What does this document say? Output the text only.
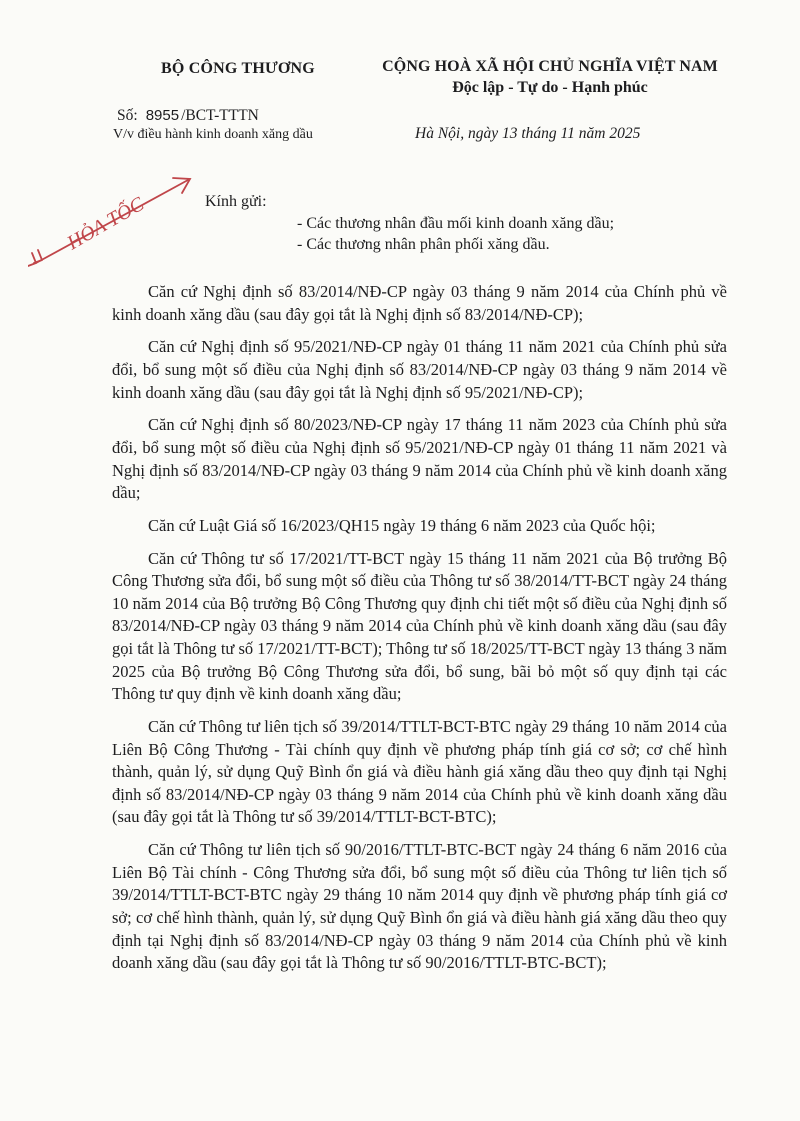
BỘ CÔNG THƯƠNG
Số: 8955 /BCT-TTTN
V/v điều hành kinh doanh xăng dầu
CỘNG HOÀ XÃ HỘI CHỦ NGHĨA VIỆT NAM
Độc lập - Tự do - Hạnh phúc
Hà Nội, ngày 13 tháng 11 năm 2025
HỎA TỐC	Kính gửi:
- Các thương nhân đầu mối kinh doanh xăng dầu;
- Các thương nhân phân phối xăng dầu.

Căn cứ Nghị định số 83/2014/NĐ-CP ngày 03 tháng 9 năm 2014 của Chính phủ về kinh doanh xăng dầu (sau đây gọi tắt là Nghị định số 83/2014/NĐ-CP);

Căn cứ Nghị định số 95/2021/NĐ-CP ngày 01 tháng 11 năm 2021 của Chính phủ sửa đổi, bổ sung một số điều của Nghị định số 83/2014/NĐ-CP ngày 03 tháng 9 năm 2014 về kinh doanh xăng dầu (sau đây gọi tắt là Nghị định số 95/2021/NĐ-CP);

Căn cứ Nghị định số 80/2023/NĐ-CP ngày 17 tháng 11 năm 2023 của Chính phủ sửa đổi, bổ sung một số điều của Nghị định số 95/2021/NĐ-CP ngày 01 tháng 11 năm 2021 và Nghị định số 83/2014/NĐ-CP ngày 03 tháng 9 năm 2014 của Chính phủ về kinh doanh xăng dầu;

Căn cứ Luật Giá số 16/2023/QH15 ngày 19 tháng 6 năm 2023 của Quốc hội;

Căn cứ Thông tư số 17/2021/TT-BCT ngày 15 tháng 11 năm 2021 của Bộ trưởng Bộ Công Thương sửa đổi, bổ sung một số điều của Thông tư số 38/2014/TT-BCT ngày 24 tháng 10 năm 2014 của Bộ trưởng Bộ Công Thương quy định chi tiết một số điều của Nghị định số 83/2014/NĐ-CP ngày 03 tháng 9 năm 2014 của Chính phủ về kinh doanh xăng dầu (sau đây gọi tắt là Thông tư số 17/2021/TT-BCT); Thông tư số 18/2025/TT-BCT ngày 13 tháng 3 năm 2025 của Bộ trưởng Bộ Công Thương sửa đổi, bổ sung, bãi bỏ một số quy định tại các Thông tư quy định về kinh doanh xăng dầu;

Căn cứ Thông tư liên tịch số 39/2014/TTLT-BCT-BTC ngày 29 tháng 10 năm 2014 của Liên Bộ Công Thương - Tài chính quy định về phương pháp tính giá cơ sở; cơ chế hình thành, quản lý, sử dụng Quỹ Bình ổn giá và điều hành giá xăng dầu theo quy định tại Nghị định số 83/2014/NĐ-CP ngày 03 tháng 9 năm 2014 của Chính phủ về kinh doanh xăng dầu (sau đây gọi tắt là Thông tư số 39/2014/TTLT-BCT-BTC);

Căn cứ Thông tư liên tịch số 90/2016/TTLT-BTC-BCT ngày 24 tháng 6 năm 2016 của Liên Bộ Tài chính - Công Thương sửa đổi, bổ sung một số điều của Thông tư liên tịch số 39/2014/TTLT-BCT-BTC ngày 29 tháng 10 năm 2014 quy định về phương pháp tính giá cơ sở; cơ chế hình thành, quản lý, sử dụng Quỹ Bình ổn giá và điều hành giá xăng dầu theo quy định tại Nghị định số 83/2014/NĐ-CP ngày 03 tháng 9 năm 2014 của Chính phủ về kinh doanh xăng dầu (sau đây gọi tắt là Thông tư số 90/2016/TTLT-BTC-BCT);
